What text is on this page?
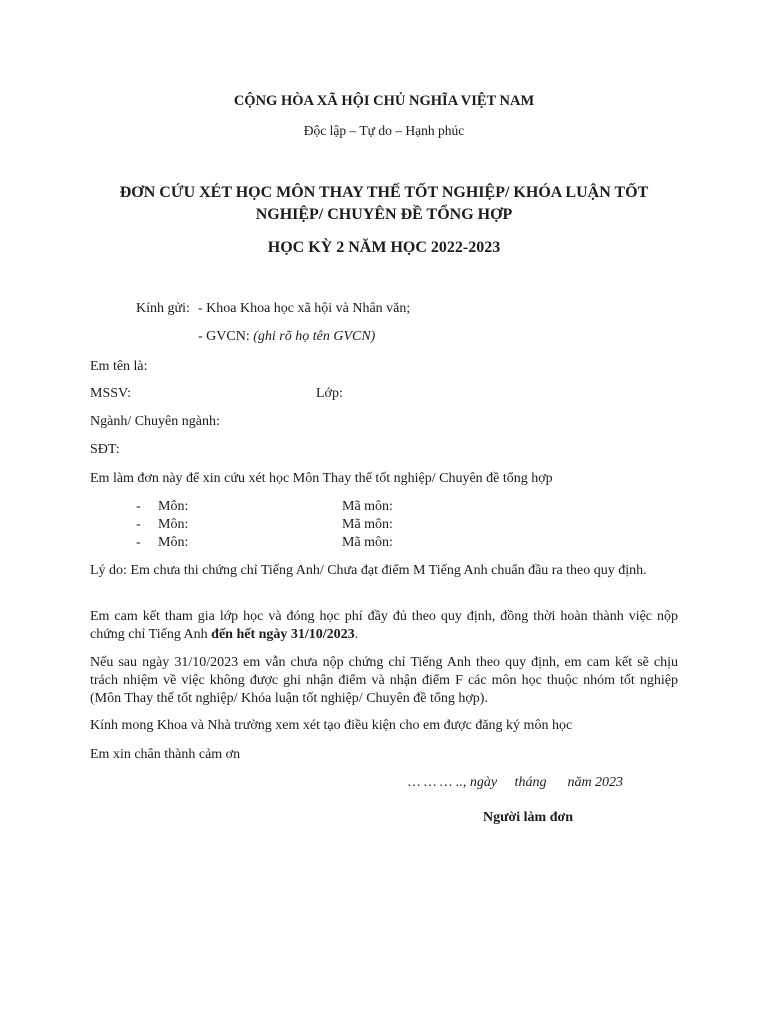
CỘNG HÒA XÃ HỘI CHỦ NGHĨA VIỆT NAM
Độc lập – Tự do – Hạnh phúc
ĐƠN CỨU XÉT HỌC MÔN THAY THẾ TỐT NGHIỆP/ KHÓA LUẬN TỐT
NGHIỆP/ CHUYÊN ĐỀ TỔNG HỢP
HỌC KỲ 2 NĂM HỌC 2022-2023
Kính gửi: - Khoa Khoa học xã hội và Nhân văn;
- GVCN: (ghi rõ họ tên GVCN)
Em tên là:
MSSV:	Lớp:
Ngành/ Chuyên ngành:
SĐT:
Em làm đơn này để xin cứu xét học Môn Thay thế tốt nghiệp/ Chuyên đề tổng hợp
- Môn:	Mã môn:
- Môn:	Mã môn:
- Môn:	Mã môn:
Lý do: Em chưa thi chứng chỉ Tiếng Anh/ Chưa đạt điểm M Tiếng Anh chuẩn đầu ra theo quy định.
Em cam kết tham gia lớp học và đóng học phí đầy đủ theo quy định, đồng thời hoàn thành việc nộp chứng chỉ Tiếng Anh đến hết ngày 31/10/2023.
Nếu sau ngày 31/10/2023 em vẫn chưa nộp chứng chỉ Tiếng Anh theo quy định, em cam kết sẽ chịu trách nhiệm về việc không được ghi nhận điểm và nhận điểm F các môn học thuộc nhóm tốt nghiệp (Môn Thay thế tốt nghiệp/ Khóa luận tốt nghiệp/ Chuyên đề tổng hợp).
Kính mong Khoa và Nhà trường xem xét tạo điều kiện cho em được đăng ký môn học
Em xin chân thành cảm ơn
… … … .., ngày     tháng      năm 2023
Người làm đơn
